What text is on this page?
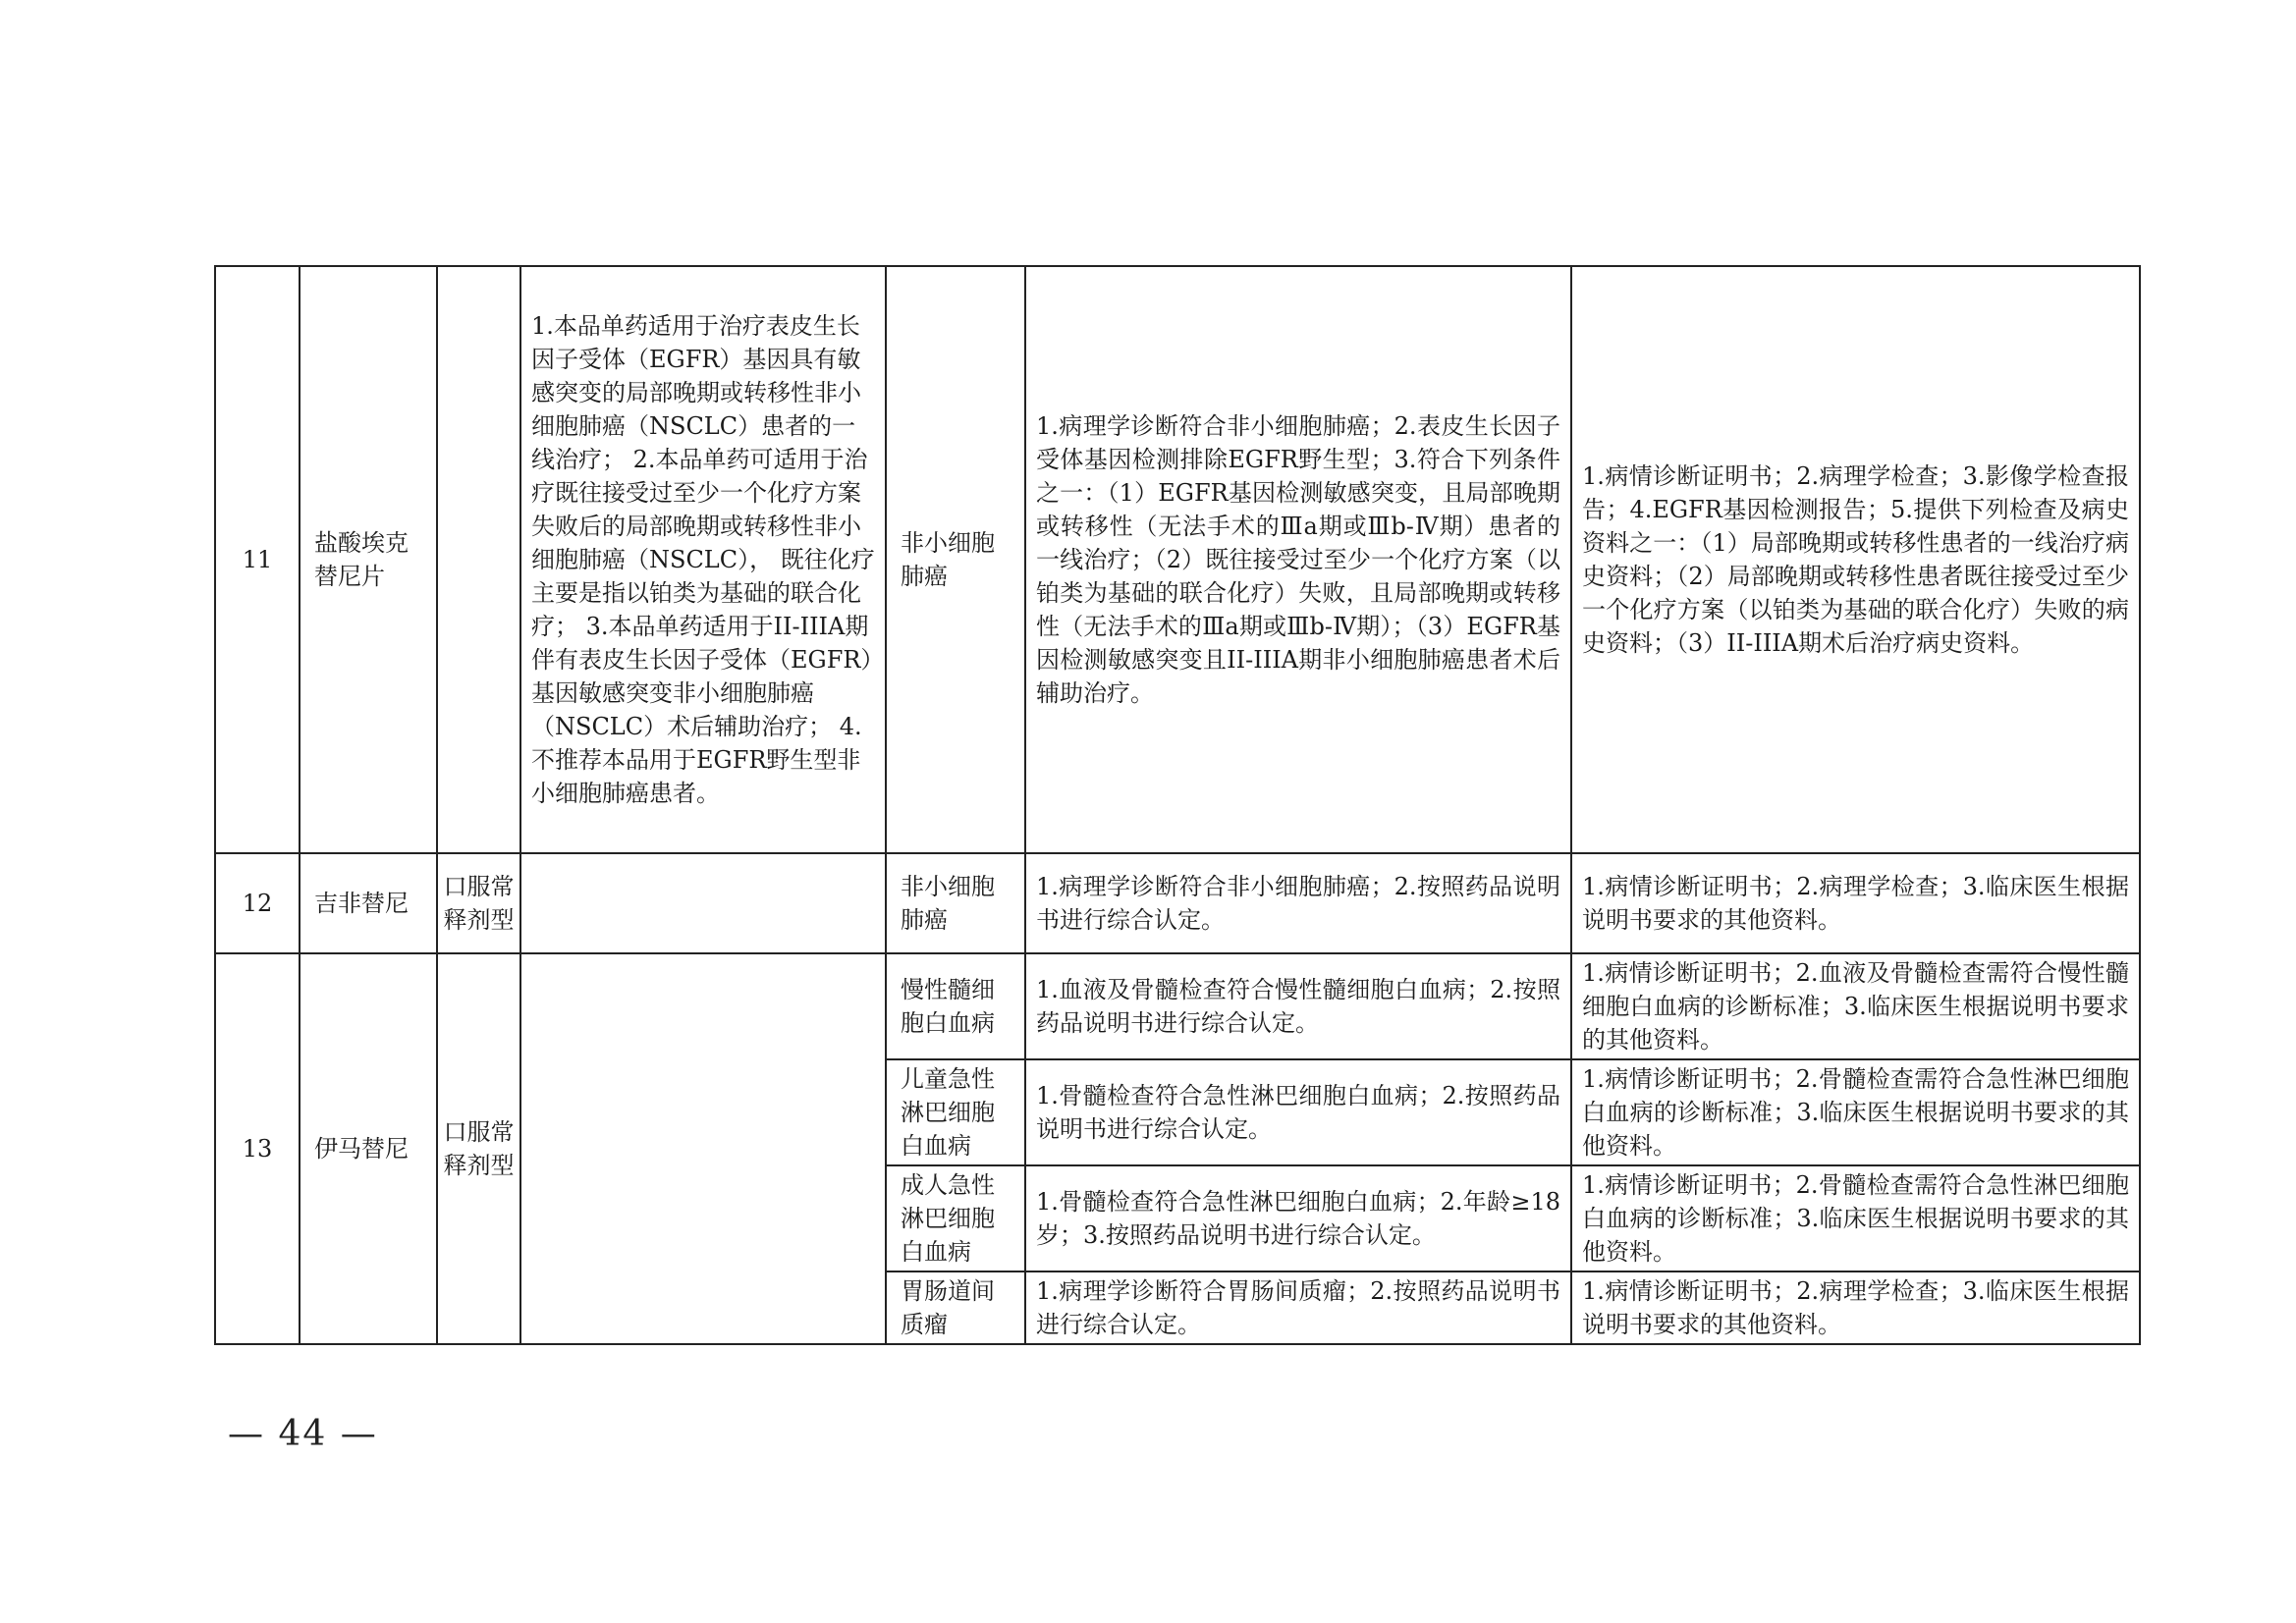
11	盐酸埃克替尼片		1.本品单药适用于治疗表皮生长因子受体（EGFR）基因具有敏感突变的局部晚期或转移性非小细胞肺癌（NSCLC）患者的一线治疗； 2.本品单药可适用于治疗既往接受过至少一个化疗方案失败后的局部晚期或转移性非小细胞肺癌（NSCLC）， 既往化疗主要是指以铂类为基础的联合化疗； 3.本品单药适用于II-IIIA期伴有表皮生长因子受体（EGFR）基因敏感突变非小细胞肺癌（NSCLC）术后辅助治疗； 4.不推荐本品用于EGFR野生型非小细胞肺癌患者。	非小细胞肺癌	1.病理学诊断符合非小细胞肺癌；2.表皮生长因子受体基因检测排除EGFR野生型；3.符合下列条件之一：（1）EGFR基因检测敏感突变，且局部晚期或转移性（无法手术的Ⅲa期或Ⅲb-Ⅳ期）患者的一线治疗；（2）既往接受过至少一个化疗方案（以铂类为基础的联合化疗）失败，且局部晚期或转移性（无法手术的Ⅲa期或Ⅲb-Ⅳ期）；（3）EGFR基因检测敏感突变且II-IIIA期非小细胞肺癌患者术后辅助治疗。	1.病情诊断证明书；2.病理学检查；3.影像学检查报告；4.EGFR基因检测报告；5.提供下列检查及病史资料之一：（1）局部晚期或转移性患者的一线治疗病史资料；（2）局部晚期或转移性患者既往接受过至少一个化疗方案（以铂类为基础的联合化疗）失败的病史资料；（3）II-IIIA期术后治疗病史资料。
12	吉非替尼	口服常释剂型		非小细胞肺癌	1.病理学诊断符合非小细胞肺癌；2.按照药品说明书进行综合认定。	1.病情诊断证明书；2.病理学检查；3.临床医生根据说明书要求的其他资料。
13	伊马替尼	口服常释剂型		慢性髓细胞白血病	1.血液及骨髓检查符合慢性髓细胞白血病；2.按照药品说明书进行综合认定。	1.病情诊断证明书；2.血液及骨髓检查需符合慢性髓细胞白血病的诊断标准；3.临床医生根据说明书要求的其他资料。
				儿童急性淋巴细胞白血病	1.骨髓检查符合急性淋巴细胞白血病；2.按照药品说明书进行综合认定。	1.病情诊断证明书；2.骨髓检查需符合急性淋巴细胞白血病的诊断标准；3.临床医生根据说明书要求的其他资料。
				成人急性淋巴细胞白血病	1.骨髓检查符合急性淋巴细胞白血病；2.年龄≥18岁；3.按照药品说明书进行综合认定。	1.病情诊断证明书；2.骨髓检查需符合急性淋巴细胞白血病的诊断标准；3.临床医生根据说明书要求的其他资料。
				胃肠道间质瘤	1.病理学诊断符合胃肠间质瘤；2.按照药品说明书进行综合认定。	1.病情诊断证明书；2.病理学检查；3.临床医生根据说明书要求的其他资料。
— 44 —
